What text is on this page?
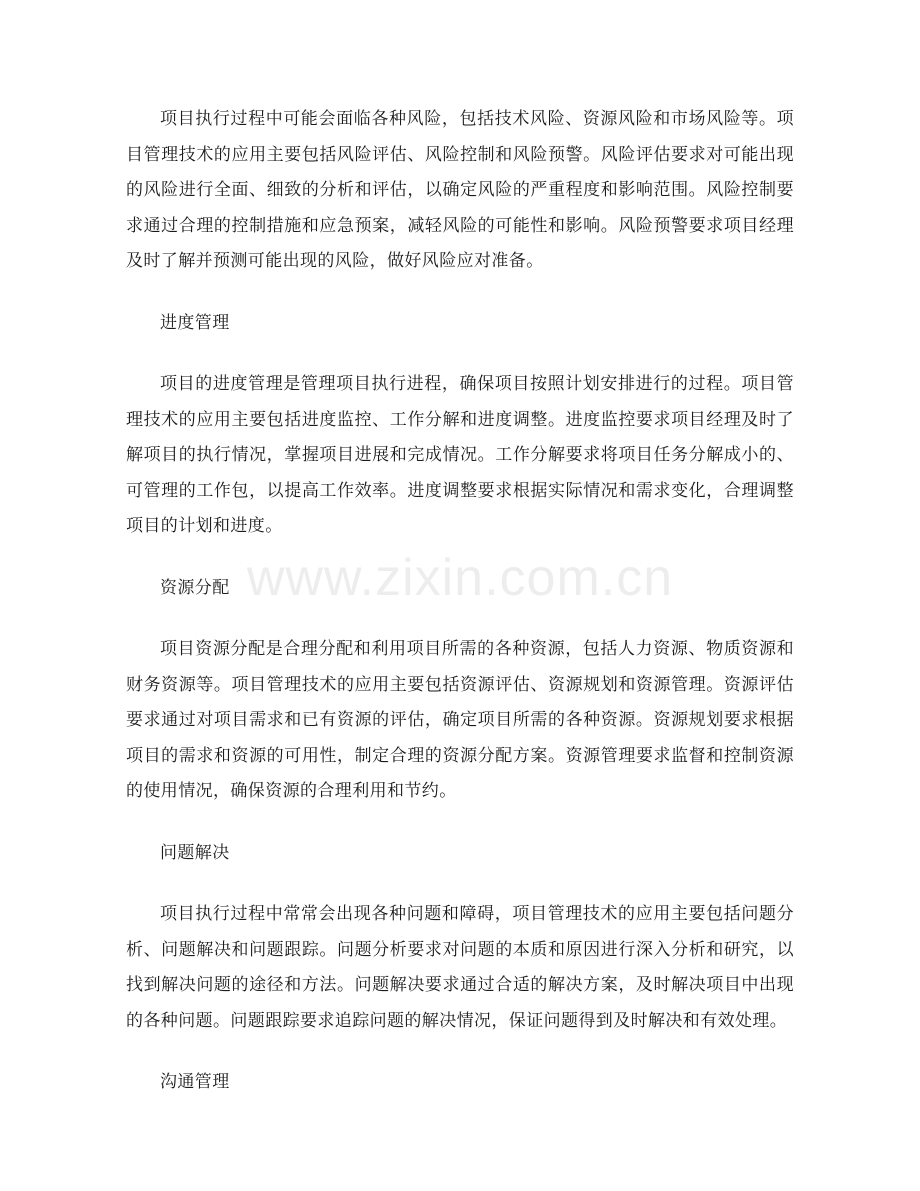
www.zixin.com.cn

项目执行过程中可能会面临各种风险，包括技术风险、资源风险和市场风险等。项目管理技术的应用主要包括风险评估、风险控制和风险预警。风险评估要求对可能出现的风险进行全面、细致的分析和评估，以确定风险的严重程度和影响范围。风险控制要求通过合理的控制措施和应急预案，减轻风险的可能性和影响。风险预警要求项目经理及时了解并预测可能出现的风险，做好风险应对准备。

进度管理

项目的进度管理是管理项目执行进程，确保项目按照计划安排进行的过程。项目管理技术的应用主要包括进度监控、工作分解和进度调整。进度监控要求项目经理及时了解项目的执行情况，掌握项目进展和完成情况。工作分解要求将项目任务分解成小的、可管理的工作包，以提高工作效率。进度调整要求根据实际情况和需求变化，合理调整项目的计划和进度。

资源分配

项目资源分配是合理分配和利用项目所需的各种资源，包括人力资源、物质资源和财务资源等。项目管理技术的应用主要包括资源评估、资源规划和资源管理。资源评估要求通过对项目需求和已有资源的评估，确定项目所需的各种资源。资源规划要求根据项目的需求和资源的可用性，制定合理的资源分配方案。资源管理要求监督和控制资源的使用情况，确保资源的合理利用和节约。

问题解决

项目执行过程中常常会出现各种问题和障碍，项目管理技术的应用主要包括问题分析、问题解决和问题跟踪。问题分析要求对问题的本质和原因进行深入分析和研究，以找到解决问题的途径和方法。问题解决要求通过合适的解决方案，及时解决项目中出现的各种问题。问题跟踪要求追踪问题的解决情况，保证问题得到及时解决和有效处理。

沟通管理
